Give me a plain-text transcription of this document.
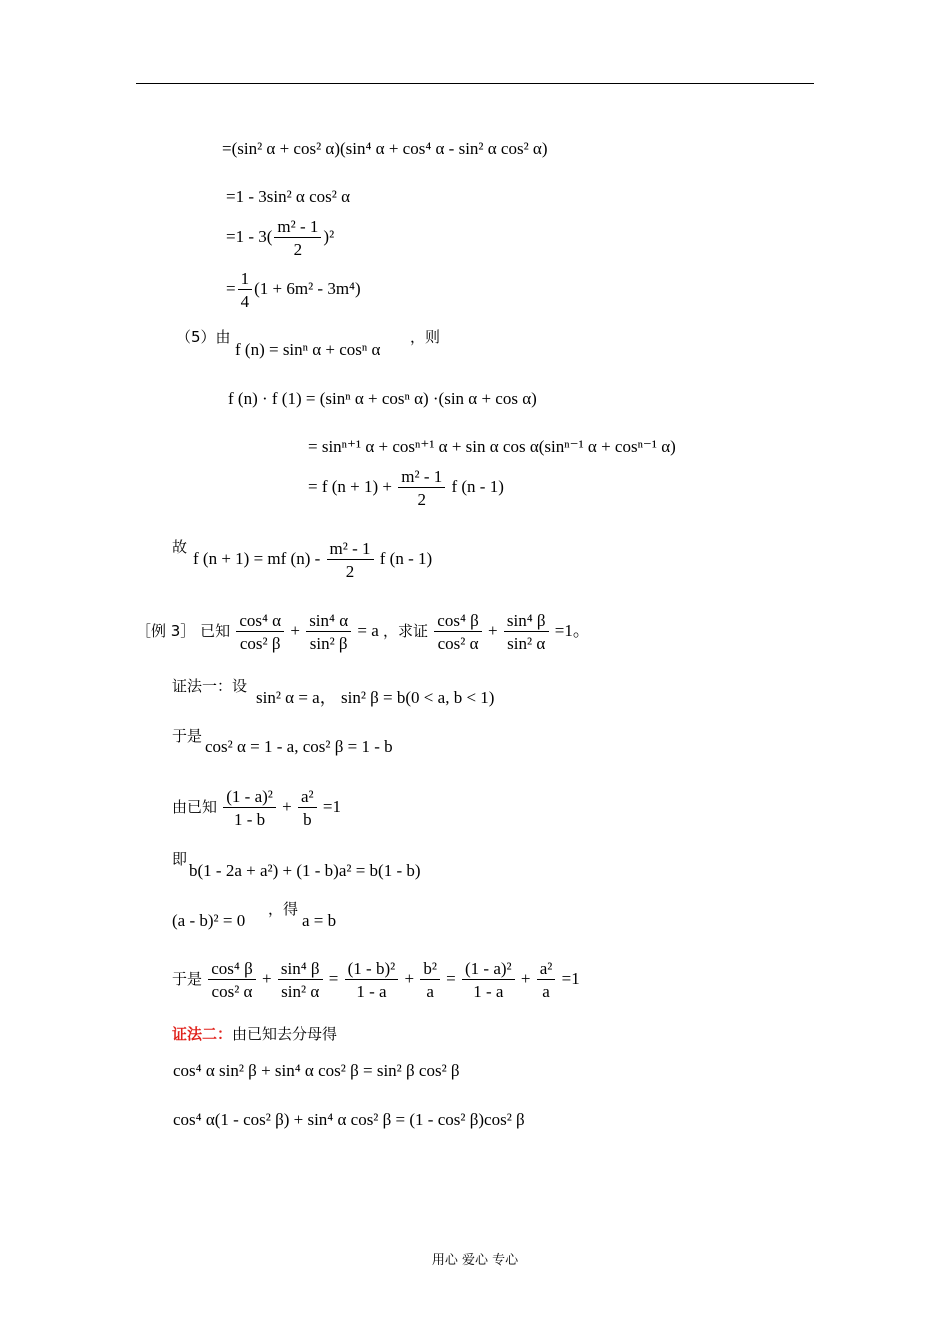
=(sin² α + cos² α)(sin⁴ α + cos⁴ α - sin² α cos² α)
=1 - 3sin² α cos² α
$=1 - 3( \frac{\text{m² - 1}}{2} )^2$
= $\frac{1}{4} (1 + 6m^2 - 3m^4)$
（5）由
f (n) = sinⁿ α + cosⁿ α
，则
f (n) · f (1) = (sinⁿ α + cosⁿ α) ·(sin α + cos α)
= sinⁿ⁺¹ α + cosⁿ⁺¹ α + sin α cos α(sinⁿ⁻¹ α + cosⁿ⁻¹ α)
= f $(n + 1) + \frac{\text{m² - 1}}{2}$ f (n - 1)
故
f (n + 1) = mf $(n) - \frac{\text{m² - 1}}{2}$ f (n - 1)
［例 3］ 已知 $\frac{\text{cos⁴ α}}{\text{cos² β}} + \frac{\text{sin⁴ α}}{\text{sin² β}} = a$ ，求证 $\frac{\text{cos⁴ β}}{\text{cos² α}} + \frac{\text{sin⁴ β}}{\text{sin² α}} =1$。
证法一：设
sin² α = a， sin² β = b(0 < a, b < 1)
于是
cos² α = 1 - a, cos² β = 1 - b
由已知 $\frac{\text{(1 - a)²}}{1 - b} + \frac{\text{a²}}{b} =1$
即
b(1 - 2a + a²) + (1 - b)a² = b(1 - b)
(a - b)² = 0
，得
a = b
于是 $\frac{\text{cos⁴ β}}{\text{cos² α}} + \frac{\text{sin⁴ β}}{\text{sin² α}} = \frac{\text{(1 - b)²}}{1 - a} + \frac{\text{b²}}{a} = \frac{\text{(1 - a)²}}{1 - a} + \frac{\text{a²}}{a} =1$
证法二：由已知去分母得
cos⁴ α sin² β + sin⁴ α cos² β = sin² β cos² β
cos⁴ α(1 - cos² β) + sin⁴ α cos² β = (1 - cos² β)cos² β
用心 爱心 专心
